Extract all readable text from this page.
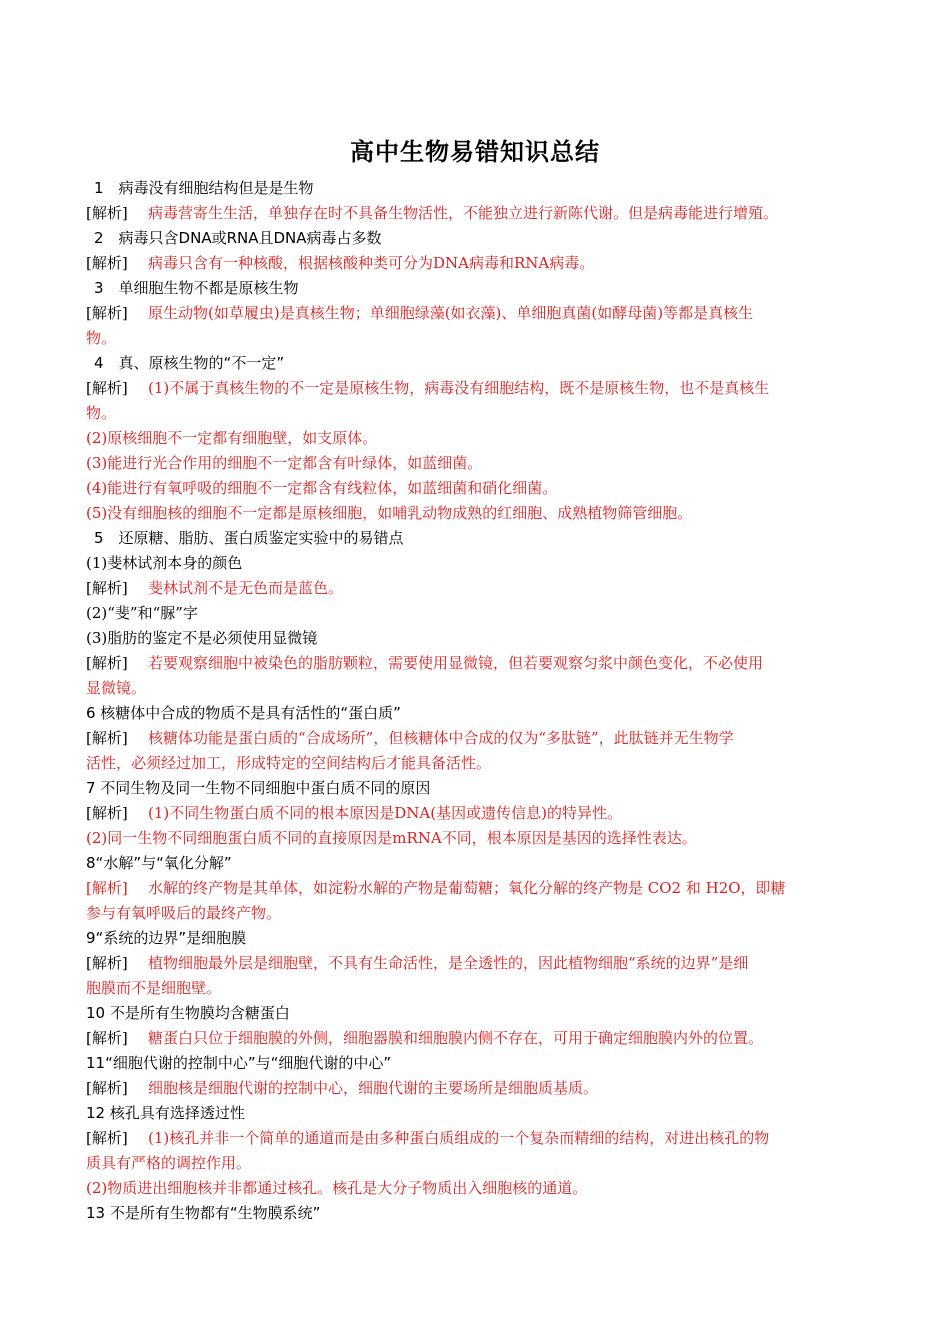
高中生物易错知识总结
1　病毒没有细胞结构但是是生物
[解析] 病毒营寄生生活，单独存在时不具备生物活性，不能独立进行新陈代谢。但是病毒能进行增殖。
2　病毒只含DNA或RNA且DNA病毒占多数
[解析] 病毒只含有一种核酸，根据核酸种类可分为DNA病毒和RNA病毒。
3　单细胞生物不都是原核生物
[解析] 原生动物(如草履虫)是真核生物；单细胞绿藻(如衣藻)、单细胞真菌(如酵母菌)等都是真核生
物。
4　真、原核生物的“不一定”
[解析] (1)不属于真核生物的不一定是原核生物，病毒没有细胞结构，既不是原核生物，也不是真核生
物。
(2)原核细胞不一定都有细胞壁，如支原体。
(3)能进行光合作用的细胞不一定都含有叶绿体，如蓝细菌。
(4)能进行有氧呼吸的细胞不一定都含有线粒体，如蓝细菌和硝化细菌。
(5)没有细胞核的细胞不一定都是原核细胞，如哺乳动物成熟的红细胞、成熟植物筛管细胞。
5　还原糖、脂肪、蛋白质鉴定实验中的易错点
(1)斐林试剂本身的颜色
[解析] 斐林试剂不是无色而是蓝色。
(2)“斐”和“脲”字
(3)脂肪的鉴定不是必须使用显微镜
[解析] 若要观察细胞中被染色的脂肪颗粒，需要使用显微镜，但若要观察匀浆中颜色变化，不必使用
显微镜。
6 核糖体中合成的物质不是具有活性的“蛋白质”
[解析] 核糖体功能是蛋白质的“合成场所”，但核糖体中合成的仅为“多肽链”，此肽链并无生物学
活性，必须经过加工，形成特定的空间结构后才能具备活性。
7 不同生物及同一生物不同细胞中蛋白质不同的原因
[解析] (1)不同生物蛋白质不同的根本原因是DNA(基因或遗传信息)的特异性。
(2)同一生物不同细胞蛋白质不同的直接原因是mRNA不同，根本原因是基因的选择性表达。
8“水解”与“氧化分解”
[解析] 水解的终产物是其单体，如淀粉水解的产物是葡萄糖；氧化分解的终产物是 CO2 和 H2O，即糖
参与有氧呼吸后的最终产物。
9“系统的边界”是细胞膜
[解析] 植物细胞最外层是细胞壁，不具有生命活性，是全透性的，因此植物细胞“系统的边界”是细
胞膜而不是细胞壁。
10 不是所有生物膜均含糖蛋白
[解析] 糖蛋白只位于细胞膜的外侧，细胞器膜和细胞膜内侧不存在，可用于确定细胞膜内外的位置。
11“细胞代谢的控制中心”与“细胞代谢的中心”
[解析] 细胞核是细胞代谢的控制中心，细胞代谢的主要场所是细胞质基质。
12 核孔具有选择透过性
[解析] (1)核孔并非一个简单的通道而是由多种蛋白质组成的一个复杂而精细的结构，对进出核孔的物
质具有严格的调控作用。
(2)物质进出细胞核并非都通过核孔。核孔是大分子物质出入细胞核的通道。
13 不是所有生物都有“生物膜系统”
